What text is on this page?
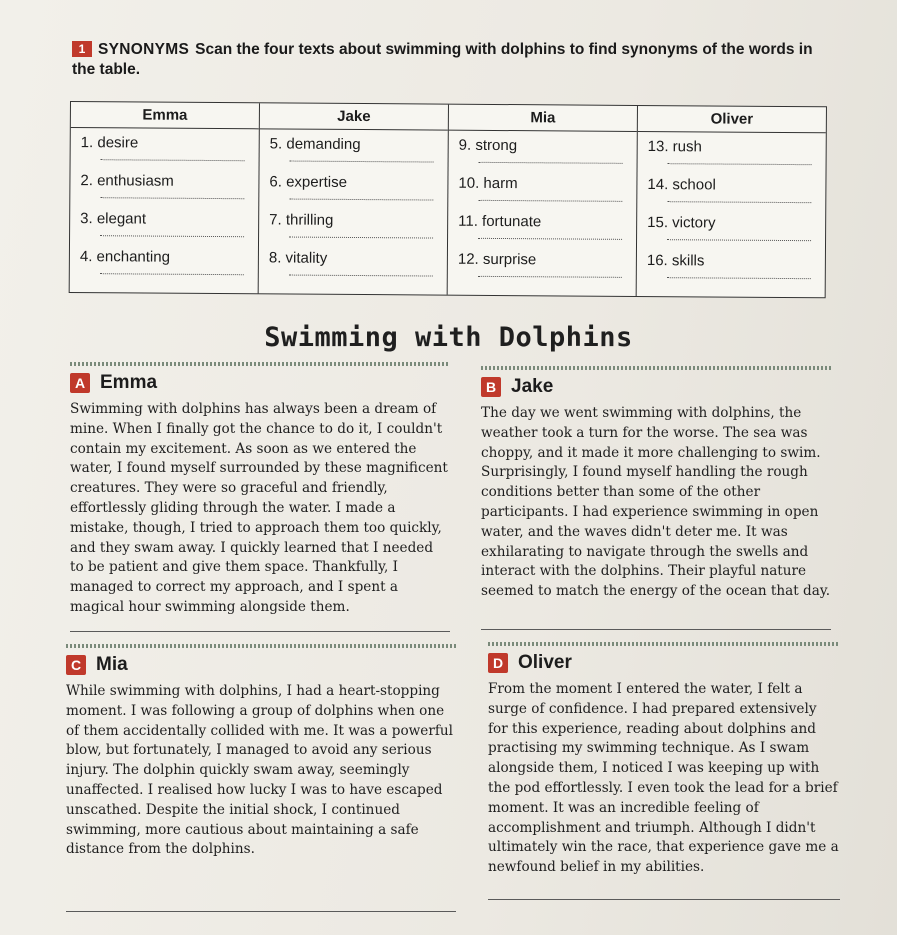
1 SYNONYMS Scan the four texts about swimming with dolphins to find synonyms of the words in the table.
Emma
1. desire
2. enthusiasm
3. elegant
4. enchanting
Jake
5. demanding
6. expertise
7. thrilling
8. vitality
Mia
9. strong
10. harm
11. fortunate
12. surprise
Oliver
13. rush
14. school
15. victory
16. skills
Swimming with Dolphins
A Emma
Swimming with dolphins has always been a dream of mine. When I finally got the chance to do it, I couldn't contain my excitement. As soon as we entered the water, I found myself surrounded by these magnificent creatures. They were so graceful and friendly, effortlessly gliding through the water. I made a mistake, though, I tried to approach them too quickly, and they swam away. I quickly learned that I needed to be patient and give them space. Thankfully, I managed to correct my approach, and I spent a magical hour swimming alongside them.
B Jake
The day we went swimming with dolphins, the weather took a turn for the worse. The sea was choppy, and it made it more challenging to swim. Surprisingly, I found myself handling the rough conditions better than some of the other participants. I had experience swimming in open water, and the waves didn't deter me. It was exhilarating to navigate through the swells and interact with the dolphins. Their playful nature seemed to match the energy of the ocean that day.
C Mia
While swimming with dolphins, I had a heart-stopping moment. I was following a group of dolphins when one of them accidentally collided with me. It was a powerful blow, but fortunately, I managed to avoid any serious injury. The dolphin quickly swam away, seemingly unaffected. I realised how lucky I was to have escaped unscathed. Despite the initial shock, I continued swimming, more cautious about maintaining a safe distance from the dolphins.
D Oliver
From the moment I entered the water, I felt a surge of confidence. I had prepared extensively for this experience, reading about dolphins and practising my swimming technique. As I swam alongside them, I noticed I was keeping up with the pod effortlessly. I even took the lead for a brief moment. It was an incredible feeling of accomplishment and triumph. Although I didn't ultimately win the race, that experience gave me a newfound belief in my abilities.
